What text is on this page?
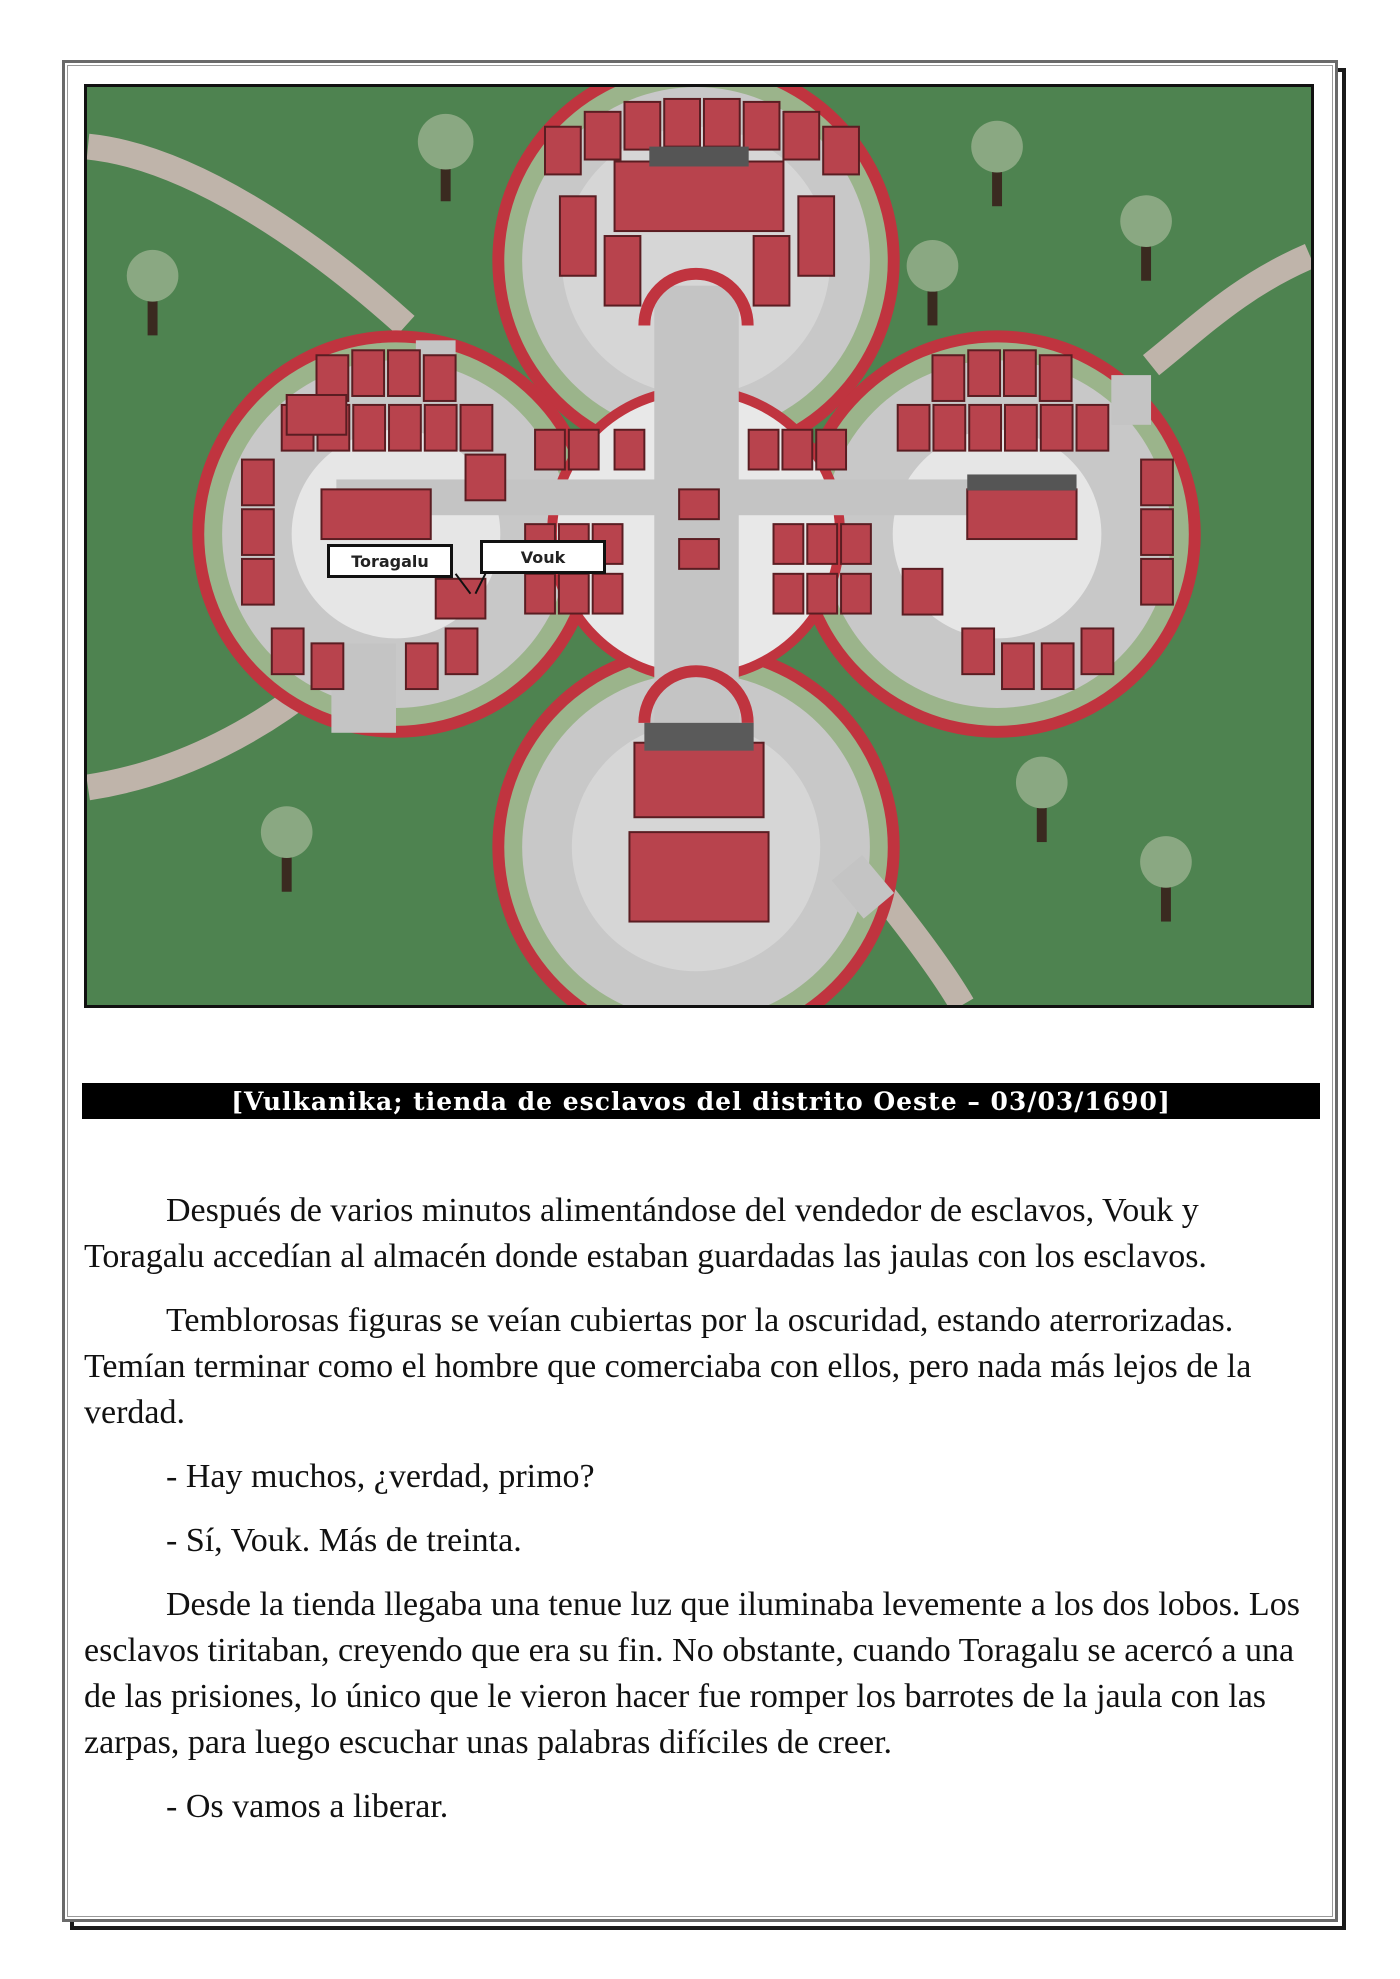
Toragalu	Vouk
[Vulkanika; tienda de esclavos del distrito Oeste – 03/03/1690]

Después de varios minutos alimentándose del vendedor de esclavos, Vouk y Toragalu accedían al almacén donde estaban guardadas las jaulas con los esclavos.

Temblorosas figuras se veían cubiertas por la oscuridad, estando aterrorizadas. Temían terminar como el hombre que comerciaba con ellos, pero nada más lejos de la verdad.

- Hay muchos, ¿verdad, primo?

- Sí, Vouk. Más de treinta.

Desde la tienda llegaba una tenue luz que iluminaba levemente a los dos lobos. Los esclavos tiritaban, creyendo que era su fin. No obstante, cuando Toragalu se acercó a una de las prisiones, lo único que le vieron hacer fue romper los barrotes de la jaula con las zarpas, para luego escuchar unas palabras difíciles de creer.

- Os vamos a liberar.
